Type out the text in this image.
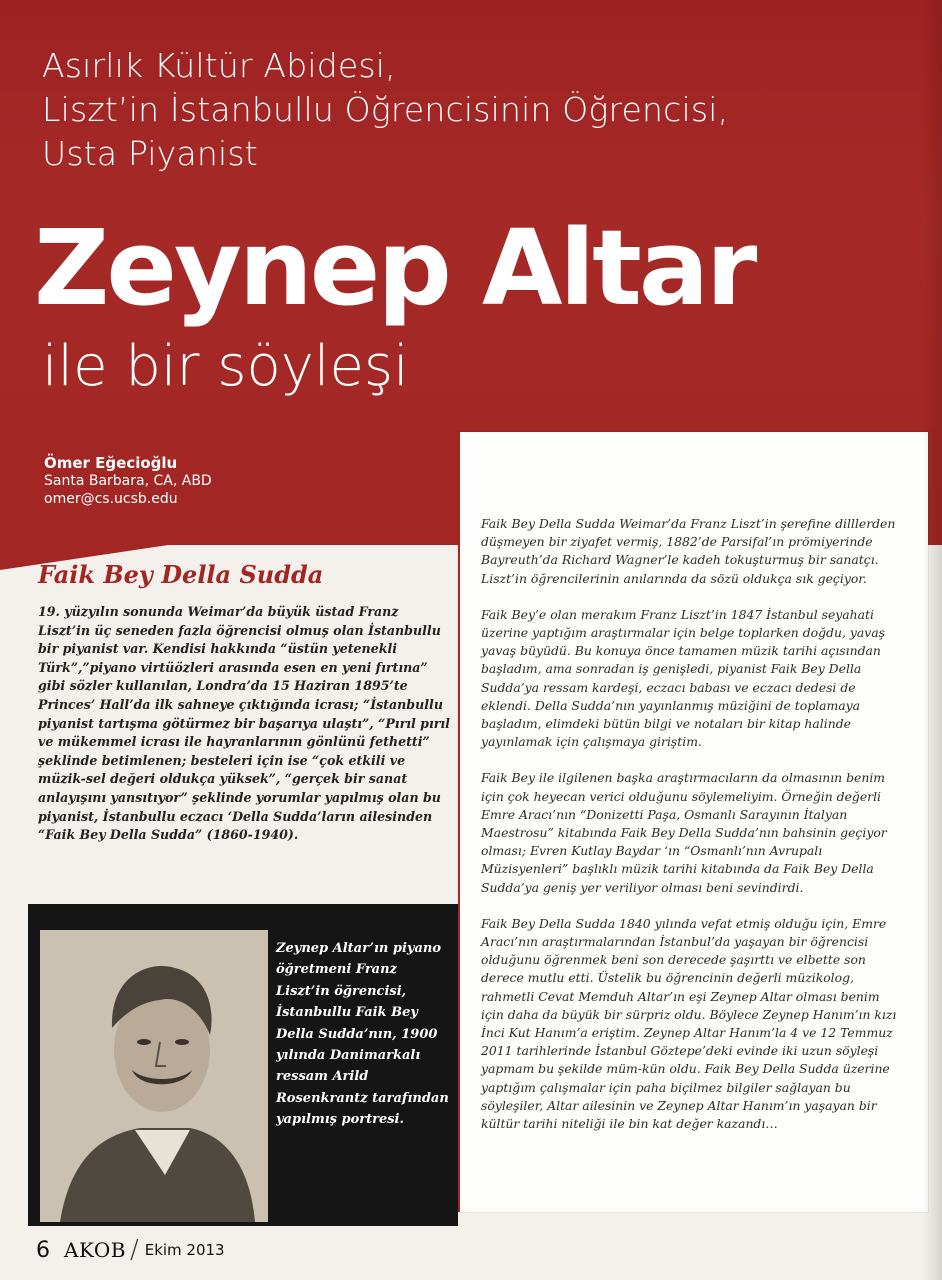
Asırlık Kültür Abidesi,
Liszt’in İstanbullu Öğrencisinin Öğrencisi,
Usta Piyanist
Zeynep Altar
ile bir söyleşi
Ömer Eğecioğlu
Santa Barbara, CA, ABD
omer@cs.ucsb.edu

Faik Bey Della Sudda Weimar’da Franz Liszt’in şerefine dilllerden düşmeyen bir ziyafet vermiş, 1882’de Parsifal’ın prömiyerinde Bayreuth’da Richard Wagner’le kadeh tokuşturmuş bir sanatçı. Liszt’in öğrencilerinin anılarında da sözü oldukça sık geçiyor.

Faik Bey’e olan merakım Franz Liszt’in 1847 İstanbul seyahati üzerine yaptığım araştırmalar için belge toplarken doğdu, yavaş yavaş büyüdü. Bu konuya önce tamamen müzik tarihi açısından başladım, ama sonradan iş genişledi, piyanist Faik Bey Della Sudda’ya ressam kardeşi, eczacı babası ve eczacı dedesi de eklendi. Della Sudda’nın yayınlanmış müziğini de toplamaya başladım, elimdeki bütün bilgi ve notaları bir kitap halinde yayınlamak için çalışmaya giriştim.

Faik Bey ile ilgilenen başka araştırmacıların da olmasının benim için çok heyecan verici olduğunu söylemeliyim. Örneğin değerli Emre Aracı’nın “Donizetti Paşa, Osmanlı Sarayının İtalyan Maestrosu” kitabında Faik Bey Della Sudda’nın bahsinin geçiyor olması; Evren Kutlay Baydar ‘ın “Osmanlı’nın Avrupalı Müzisyenleri” başlıklı müzik tarihi kitabında da Faik Bey Della Sudda’ya geniş yer veriliyor olması beni sevindirdi.

Faik Bey Della Sudda 1840 yılında vefat etmiş olduğu için, Emre Aracı’nın araştırmalarından İstanbul’da yaşayan bir öğrencisi olduğunu öğrenmek beni son derecede şaşırttı ve elbette son derece mutlu etti. Üstelik bu öğrencinin değerli müzikolog, rahmetli Cevat Memduh Altar’ın eşi Zeynep Altar olması benim için daha da büyük bir sürpriz oldu. Böylece Zeynep Hanım’ın kızı İnci Kut Hanım’a eriştim. Zeynep Altar Hanım’la 4 ve 12 Temmuz 2011 tarihlerinde İstanbul Göztepe’deki evinde iki uzun söyleşi yapmam bu şekilde müm-kün oldu. Faik Bey Della Sudda üzerine yaptığım çalışmalar için paha biçilmez bilgiler sağlayan bu söyleşiler, Altar ailesinin ve Zeynep Altar Hanım’ın yaşayan bir kültür tarihi niteliği ile bin kat değer kazandı…

Faik Bey Della Sudda
19. yüzyılın sonunda Weimar’da büyük üstad Franz Liszt’in üç seneden fazla öğrencisi olmuş olan İstanbullu bir piyanist var. Kendisi hakkında “üstün yetenekli Türk”,”piyano virtüözleri arasında esen en yeni fırtına” gibi sözler kullanılan, Londra’da 15 Haziran 1895’te Princes’ Hall’da ilk sahneye çıktığında icrası; “İstanbullu piyanist tartışma götürmez bir başarıya ulaştı”, “Pırıl pırıl ve mükemmel icrası ile hayranlarının gönlünü fethetti” şeklinde betimlenen; besteleri için ise “çok etkili ve müzik-sel değeri oldukça yüksek”, “gerçek bir sanat anlayışını yansıtıyor” şeklinde yorumlar yapılmış olan bu piyanist, İstanbullu eczacı ‘Della Sudda’ların ailesinden “Faik Bey Della Sudda” (1860-1940).
Zeynep Altar’ın piyano öğretmeni Franz Liszt’in öğrencisi, İstanbullu Faik Bey Della Sudda’nın, 1900 yılında Danimarkalı ressam Arild Rosenkrantz tarafından yapılmış portresi.
6 AKOB / Ekim 2013
